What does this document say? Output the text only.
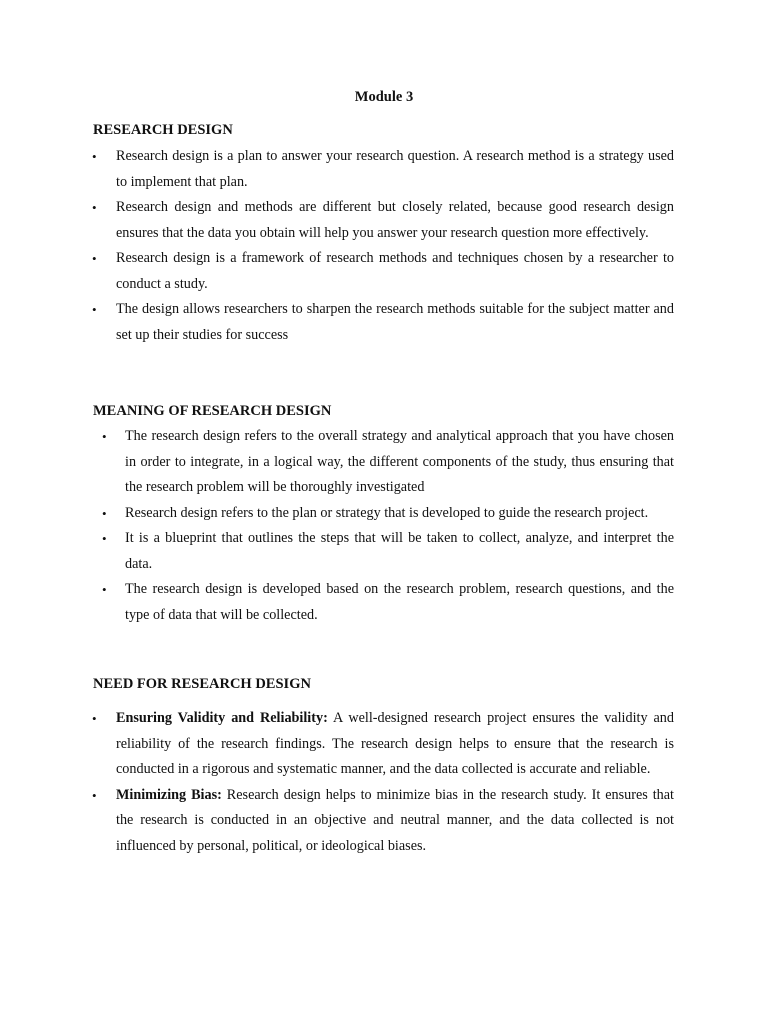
Module 3
RESEARCH DESIGN
• Research design is a plan to answer your research question. A research method is a strategy used to implement that plan.
• Research design and methods are different but closely related, because good research design ensures that the data you obtain will help you answer your research question more effectively.
• Research design is a framework of research methods and techniques chosen by a researcher to conduct a study.
• The design allows researchers to sharpen the research methods suitable for the subject matter and set up their studies for success
MEANING OF RESEARCH DESIGN
• The research design refers to the overall strategy and analytical approach that you have chosen in order to integrate, in a logical way, the different components of the study, thus ensuring that the research problem will be thoroughly investigated
• Research design refers to the plan or strategy that is developed to guide the research project.
• It is a blueprint that outlines the steps that will be taken to collect, analyze, and interpret the data.
• The research design is developed based on the research problem, research questions, and the type of data that will be collected.
NEED FOR RESEARCH DESIGN
• Ensuring Validity and Reliability: A well-designed research project ensures the validity and reliability of the research findings. The research design helps to ensure that the research is conducted in a rigorous and systematic manner, and the data collected is accurate and reliable.
• Minimizing Bias: Research design helps to minimize bias in the research study. It ensures that the research is conducted in an objective and neutral manner, and the data collected is not influenced by personal, political, or ideological biases.
